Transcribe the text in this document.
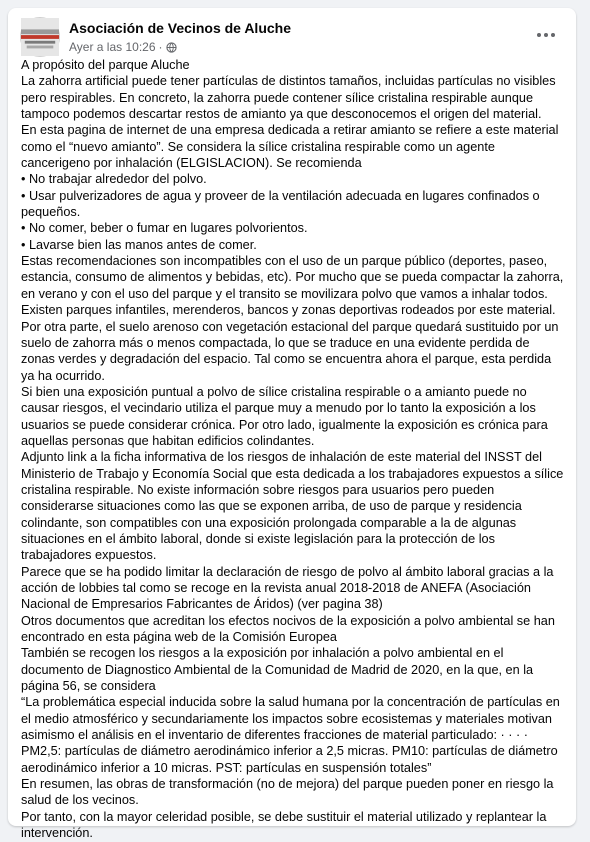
Asociación de Vecinos de Aluche
Ayer a las 10:26 ·

A propósito del parque Aluche

La zahorra artificial puede tener partículas de distintos tamaños, incluidas partículas no visibles pero respirables. En concreto, la zahorra puede contener sílice cristalina respirable aunque tampoco podemos descartar restos de amianto ya que desconocemos el origen del material.

En esta pagina de internet de una empresa dedicada a retirar amianto se refiere a este material como el “nuevo amianto”. Se considera la sílice cristalina respirable como un agente cancerigeno por inhalación (ELGISLACION). Se recomienda

• No trabajar alrededor del polvo.

• Usar pulverizadores de agua y proveer de la ventilación adecuada en lugares confinados o pequeños.

• No comer, beber o fumar en lugares polvorientos.

• Lavarse bien las manos antes de comer.

Estas recomendaciones son incompatibles con el uso de un parque público (deportes, paseo, estancia, consumo de alimentos y bebidas, etc). Por mucho que se pueda compactar la zahorra, en verano y con el uso del parque y el transito se movilizara polvo que vamos a inhalar todos.

Existen parques infantiles, merenderos, bancos y zonas deportivas rodeados por este material. Por otra parte, el suelo arenoso con vegetación estacional del parque quedará sustituido por un suelo de zahorra más o menos compactada, lo que se traduce en una evidente perdida de zonas verdes y degradación del espacio. Tal como se encuentra ahora el parque, esta perdida ya ha ocurrido.

Si bien una exposición puntual a polvo de sílice cristalina respirable o a amianto puede no causar riesgos, el vecindario utiliza el parque muy a menudo por lo tanto la exposición a los usuarios se puede considerar crónica. Por otro lado, igualmente la exposición es crónica para aquellas personas que habitan edificios colindantes.

Adjunto link a la ficha informativa de los riesgos de inhalación de este material del INSST del Ministerio de Trabajo y Economía Social que esta dedicada a los trabajadores expuestos a sílice cristalina respirable. No existe información sobre riesgos para usuarios pero pueden considerarse situaciones como las que se exponen arriba, de uso de parque y residencia colindante, son compatibles con una exposición prolongada comparable a la de algunas situaciones en el ámbito laboral, donde si existe legislación para la protección de los trabajadores expuestos.

Parece que se ha podido limitar la declaración de riesgo de polvo al ámbito laboral gracias a la acción de lobbies tal como se recoge en la revista anual 2018-2018 de ANEFA (Asociación Nacional de Empresarios Fabricantes de Áridos) (ver pagina 38)

Otros documentos que acreditan los efectos nocivos de la exposición a polvo ambiental se han encontrado en esta página web de la Comisión Europea

También se recogen los riesgos a la exposición por inhalación a polvo ambiental en el documento de Diagnostico Ambiental de la Comunidad de Madrid de 2020, en la que, en la página 56, se considera

“La problemática especial inducida sobre la salud humana por la concentración de partículas en el medio atmosférico y secundariamente los impactos sobre ecosistemas y materiales motivan asimismo el análisis en el inventario de diferentes fracciones de material particulado: · · · · PM2,5: partículas de diámetro aerodinámico inferior a 2,5 micras. PM10: partículas de diámetro aerodinámico inferior a 10 micras. PST: partículas en suspensión totales”

En resumen, las obras de transformación (no de mejora) del parque pueden poner en riesgo la salud de los vecinos.

Por tanto, con la mayor celeridad posible, se debe sustituir el material utilizado y replantear la intervención.
